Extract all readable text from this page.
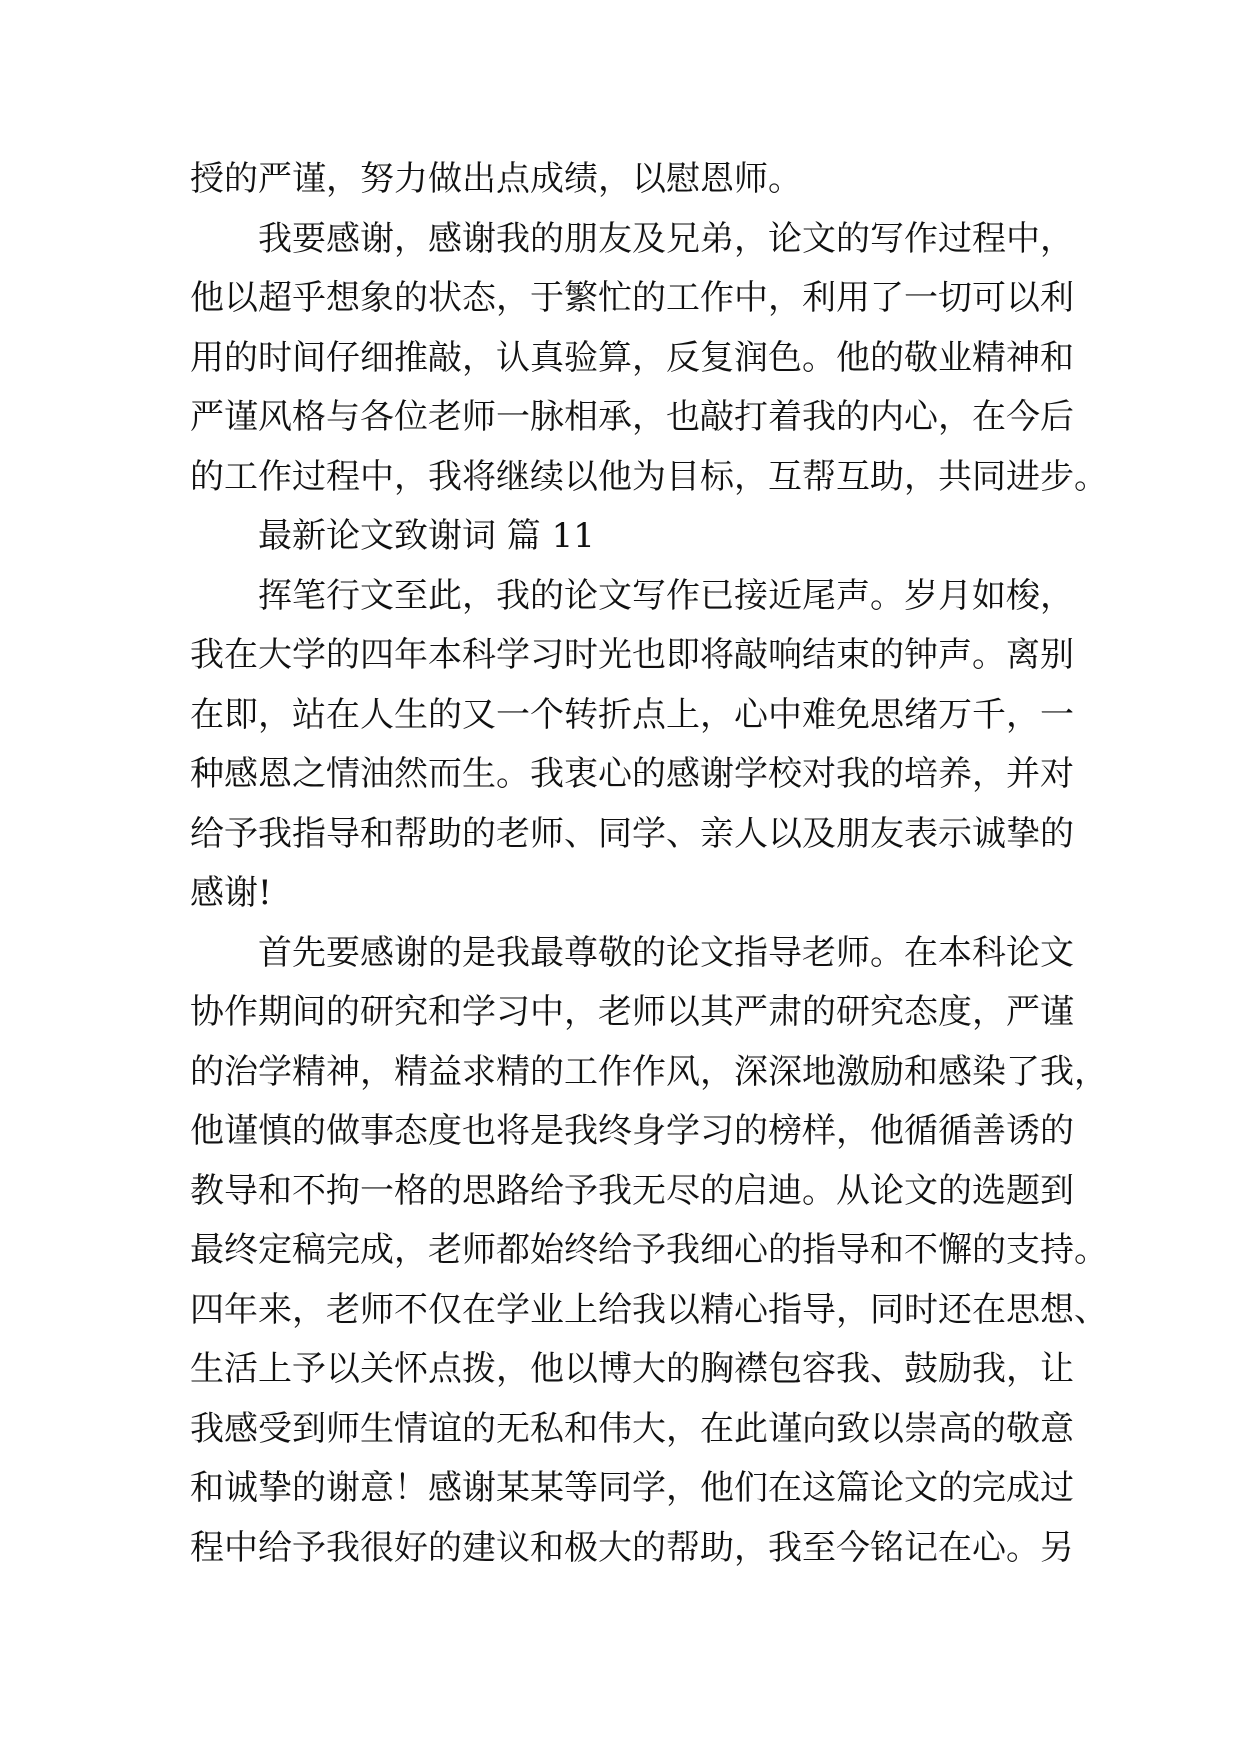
授的严谨，努力做出点成绩，以慰恩师。
我要感谢，感谢我的朋友及兄弟，论文的写作过程中，
他以超乎想象的状态，于繁忙的工作中，利用了一切可以利
用的时间仔细推敲，认真验算，反复润色。他的敬业精神和
严谨风格与各位老师一脉相承，也敲打着我的内心，在今后
的工作过程中，我将继续以他为目标，互帮互助，共同进步。
最新论文致谢词 篇 11
挥笔行文至此，我的论文写作已接近尾声。岁月如梭，
我在大学的四年本科学习时光也即将敲响结束的钟声。离别
在即，站在人生的又一个转折点上，心中难免思绪万千，一
种感恩之情油然而生。我衷心的感谢学校对我的培养，并对
给予我指导和帮助的老师、同学、亲人以及朋友表示诚挚的
感谢!
首先要感谢的是我最尊敬的论文指导老师。在本科论文
协作期间的研究和学习中，老师以其严肃的研究态度，严谨
的治学精神，精益求精的工作作风，深深地激励和感染了我，
他谨慎的做事态度也将是我终身学习的榜样，他循循善诱的
教导和不拘一格的思路给予我无尽的启迪。从论文的选题到
最终定稿完成，老师都始终给予我细心的指导和不懈的支持。
四年来，老师不仅在学业上给我以精心指导，同时还在思想、
生活上予以关怀点拨，他以博大的胸襟包容我、鼓励我，让
我感受到师生情谊的无私和伟大，在此谨向致以崇高的敬意
和诚挚的谢意！感谢某某等同学，他们在这篇论文的完成过
程中给予我很好的建议和极大的帮助，我至今铭记在心。另
